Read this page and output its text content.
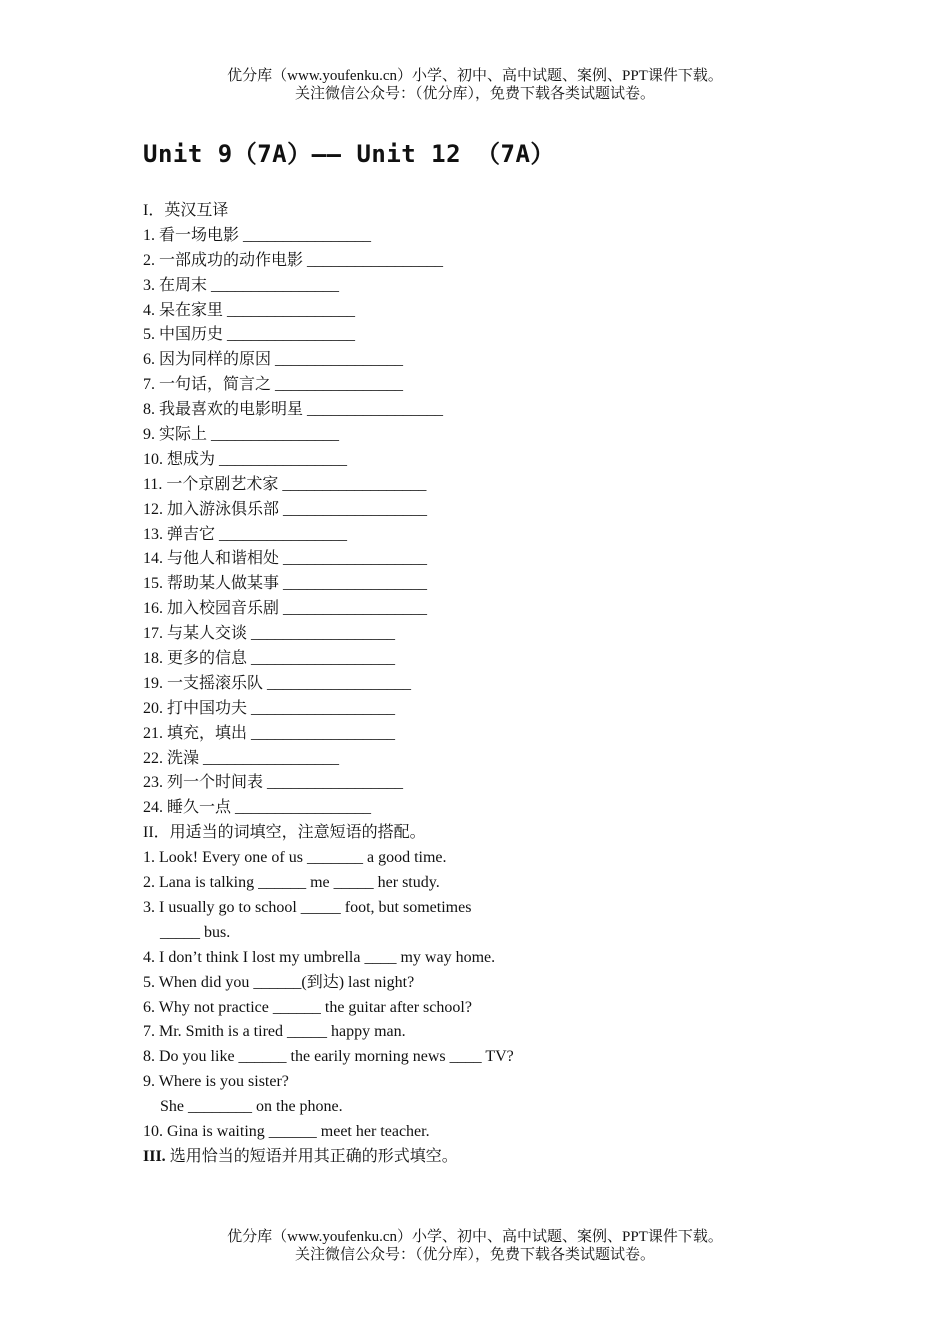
优分库（www.youfenku.cn）小学、初中、高中试题、案例、PPT课件下载。
关注微信公众号：（优分库），免费下载各类试题试卷。
Unit 9（7A）—— Unit 12 （7A）
I．英汉互译
1. 看一场电影 ________________
2. 一部成功的动作电影 _________________
3. 在周末 ________________
4. 呆在家里 ________________
5. 中国历史 ________________
6. 因为同样的原因 ________________
7. 一句话，简言之 ________________
8. 我最喜欢的电影明星 _________________
9. 实际上 ________________
10. 想成为 ________________
11. 一个京剧艺术家 __________________
12. 加入游泳俱乐部 __________________
13. 弹吉它 ________________
14. 与他人和谐相处 __________________
15. 帮助某人做某事 __________________
16. 加入校园音乐剧 __________________
17. 与某人交谈 __________________
18. 更多的信息 __________________
19. 一支摇滚乐队 __________________
20. 打中国功夫 __________________
21. 填充，填出 __________________
22. 洗澡 _________________
23. 列一个时间表 _________________
24. 睡久一点 _________________
II．用适当的词填空，注意短语的搭配。
1. Look! Every one of us _______ a good time.
2. Lana is talking ______ me _____ her study.
3. I usually go to school _____ foot, but sometimes
_____ bus.
4. I don’t think I lost my umbrella ____ my way home.
5. When did you ______(到达) last night?
6. Why not practice ______ the guitar after school?
7. Mr. Smith is a tired _____ happy man.
8. Do you like ______ the earily morning news ____ TV?
9. Where is you sister?
She ________ on the phone.
10. Gina is waiting ______ meet her teacher.
III. 选用恰当的短语并用其正确的形式填空。
优分库（www.youfenku.cn）小学、初中、高中试题、案例、PPT课件下载。
关注微信公众号：（优分库），免费下载各类试题试卷。
